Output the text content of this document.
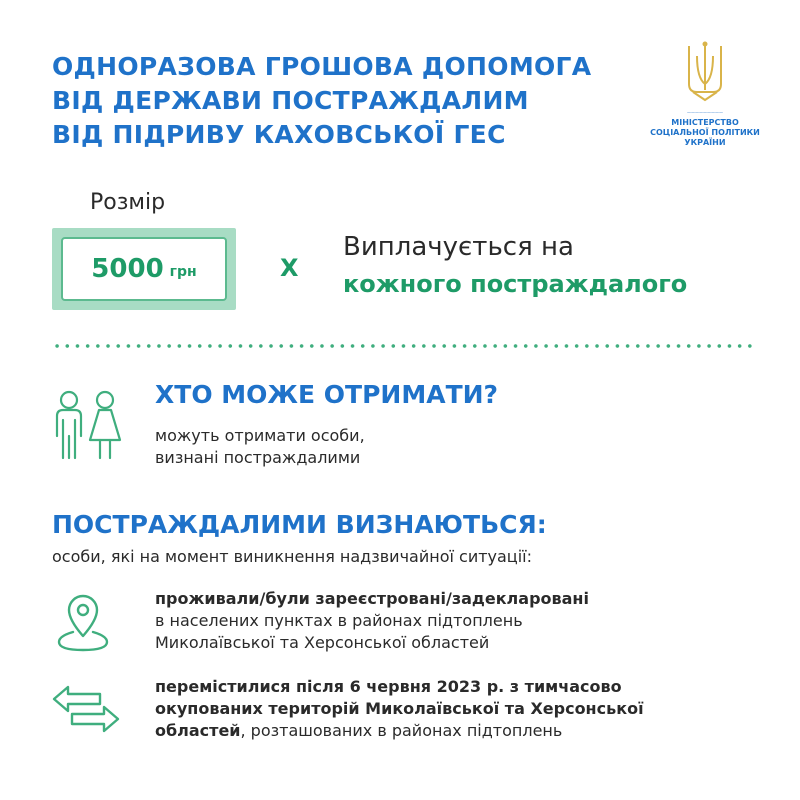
ОДНОРАЗОВА ГРОШОВА ДОПОМОГА
ВІД ДЕРЖАВИ ПОСТРАЖДАЛИМ
ВІД ПІДРИВУ КАХОВСЬКОЇ ГЕС
—————————
МІНІСТЕРСТВО
СОЦІАЛЬНОЇ ПОЛІТИКИ
УКРАЇНИ
Розмір
5000 грн	Х
Виплачується на
кожного постраждалого
ХТО МОЖЕ ОТРИМАТИ?
можуть отримати особи,
визнані постраждалими
ПОСТРАЖДАЛИМИ ВИЗНАЮТЬСЯ:
особи, які на момент виникнення надзвичайної ситуації:
проживали/були зареєстровані/задекларовані
в населених пунктах в районах підтоплень
Миколаївської та Херсонської областей
перемістилися після 6 червня 2023 р. з тимчасово
окупованих територій Миколаївської та Херсонської
областей, розташованих в районах підтоплень
